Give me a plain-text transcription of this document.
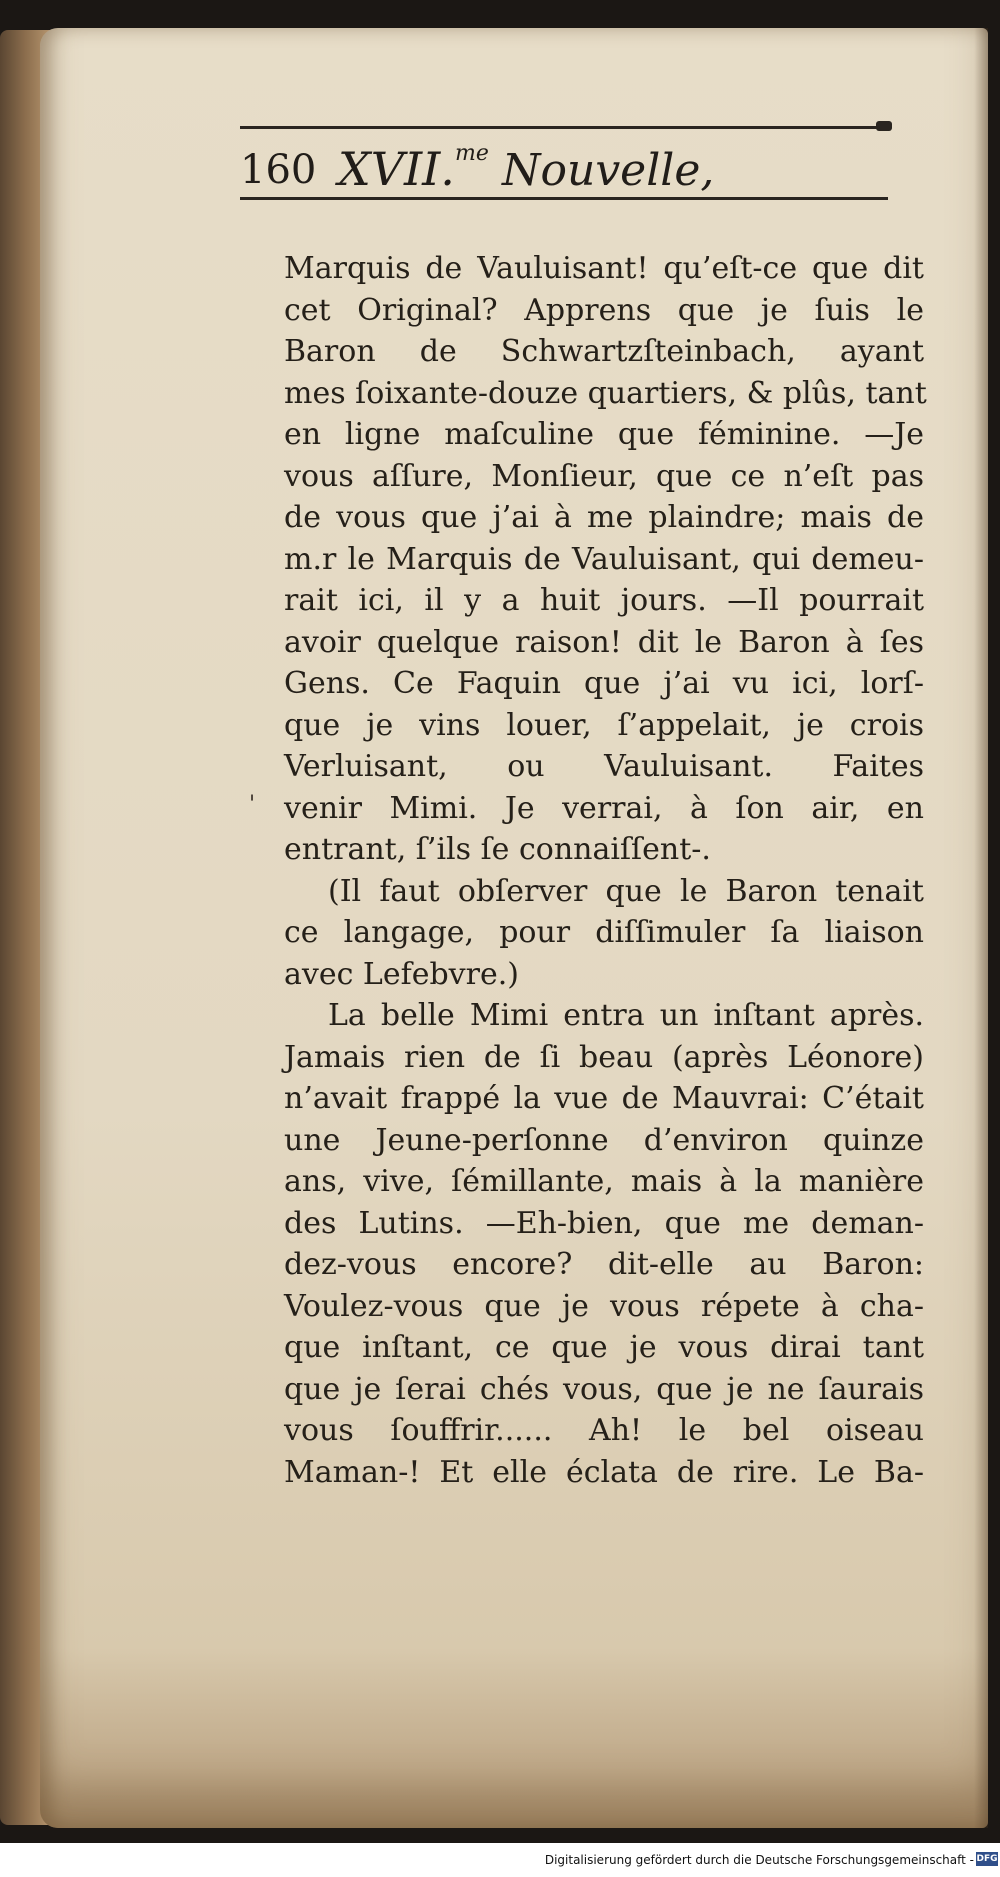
160 XVII. me Nouvelle,
'
Marquis de Vauluisant! qu’eſt-ce que dit
cet Original? Apprens que je ſuis le
Baron de Schwartzſteinbach, ayant
mes ſoixante-douze quartiers, & plûs, tant
en ligne maſculine que féminine. —Je
vous aſſure, Monſieur, que ce n’eſt pas
de vous que j’ai à me plaindre; mais de
m.r le Marquis de Vauluisant, qui demeu-
rait ici, il y a huit jours. —Il pourrait
avoir quelque raison! dit le Baron à ſes
Gens. Ce Faquin que j’ai vu ici, lorſ-
que je vins louer, ſ’appelait, je crois
Verluisant, ou Vauluisant. Faites
venir Mimi. Je verrai, à ſon air, en
entrant, ſ’ils ſe connaiſſent-.
(Il faut obſerver que le Baron tenait
ce langage, pour diſſimuler ſa liaison
avec Lefebvre.)
La belle Mimi entra un inſtant après.
Jamais rien de ſi beau (après Léonore)
n’avait frappé la vue de Mauvrai: C’était
une Jeune-perſonne d’environ quinze
ans, vive, ſémillante, mais à la manière
des Lutins. —Eh-bien, que me deman-
dez-vous encore? dit-elle au Baron:
Voulez-vous que je vous répete à cha-
que inſtant, ce que je vous dirai tant
que je ſerai chés vous, que je ne ſaurais
vous ſouffrir...... Ah! le bel oiseau
Maman-! Et elle éclata de rire. Le Ba-
Digitalisierung gefördert durch die Deutsche Forschungsgemeinschaft - DFG
